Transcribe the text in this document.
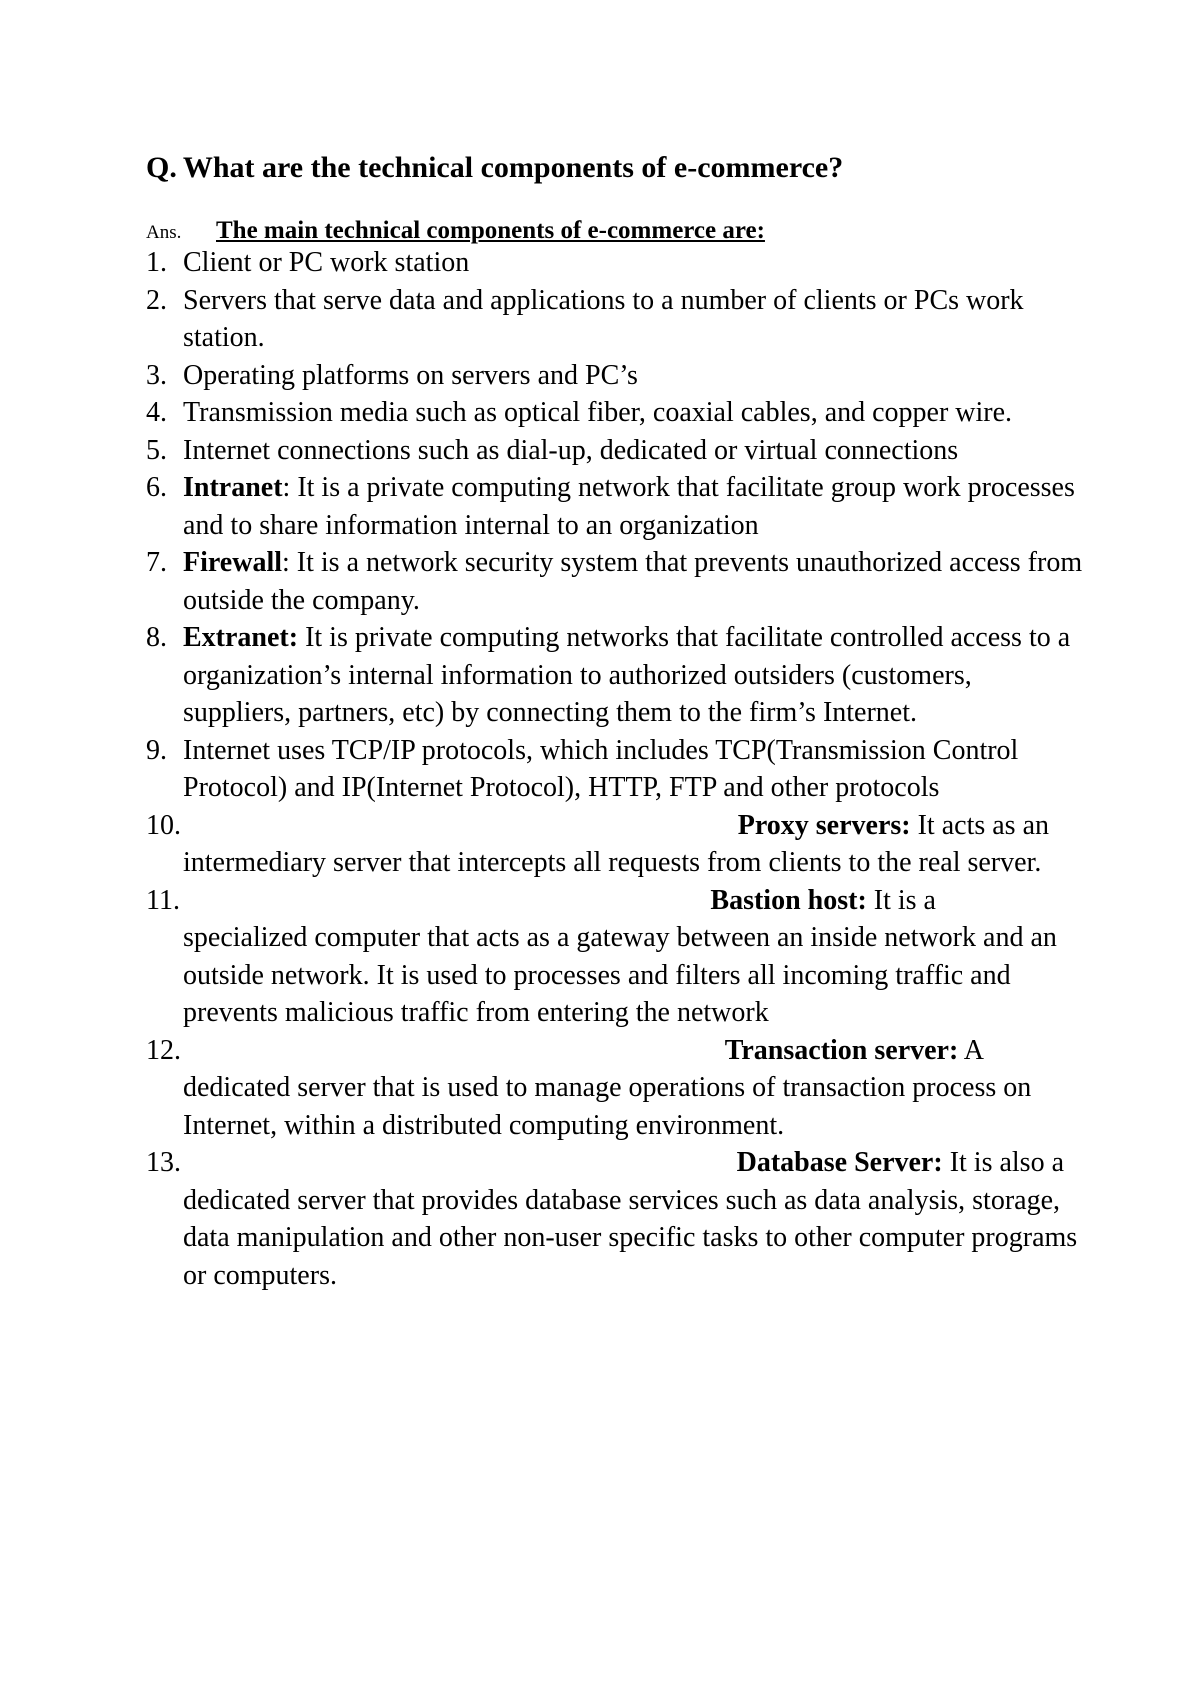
Q. What are the technical components of e-commerce?
Ans. The main technical components of e-commerce are:
1. Client or PC work station
2. Servers that serve data and applications to a number of clients or PCs work station.
3. Operating platforms on servers and PC’s
4. Transmission media such as optical fiber, coaxial cables, and copper wire.
5. Internet connections such as dial-up, dedicated or virtual connections
6. Intranet: It is a private computing network that facilitate group work processes and to share information internal to an organization
7. Firewall: It is a network security system that prevents unauthorized access from outside the company.
8. Extranet: It is private computing networks that facilitate controlled access to a organization’s internal information to authorized outsiders (customers, suppliers, partners, etc) by connecting them to the firm’s Internet.
9. Internet uses TCP/IP protocols, which includes TCP(Transmission Control Protocol) and IP(Internet Protocol), HTTP, FTP and other protocols
10.	Proxy servers: It acts as an
intermediary server that intercepts all requests from clients to the real server.
11.	Bastion host: It is a
specialized computer that acts as a gateway between an inside network and an outside network. It is used to processes and filters all incoming traffic and prevents malicious traffic from entering the network
12.	Transaction server: A
dedicated server that is used to manage operations of transaction process on Internet, within a distributed computing environment.
13.	Database Server: It is also a
dedicated server that provides database services such as data analysis, storage, data manipulation and other non-user specific tasks to other computer programs or computers.
